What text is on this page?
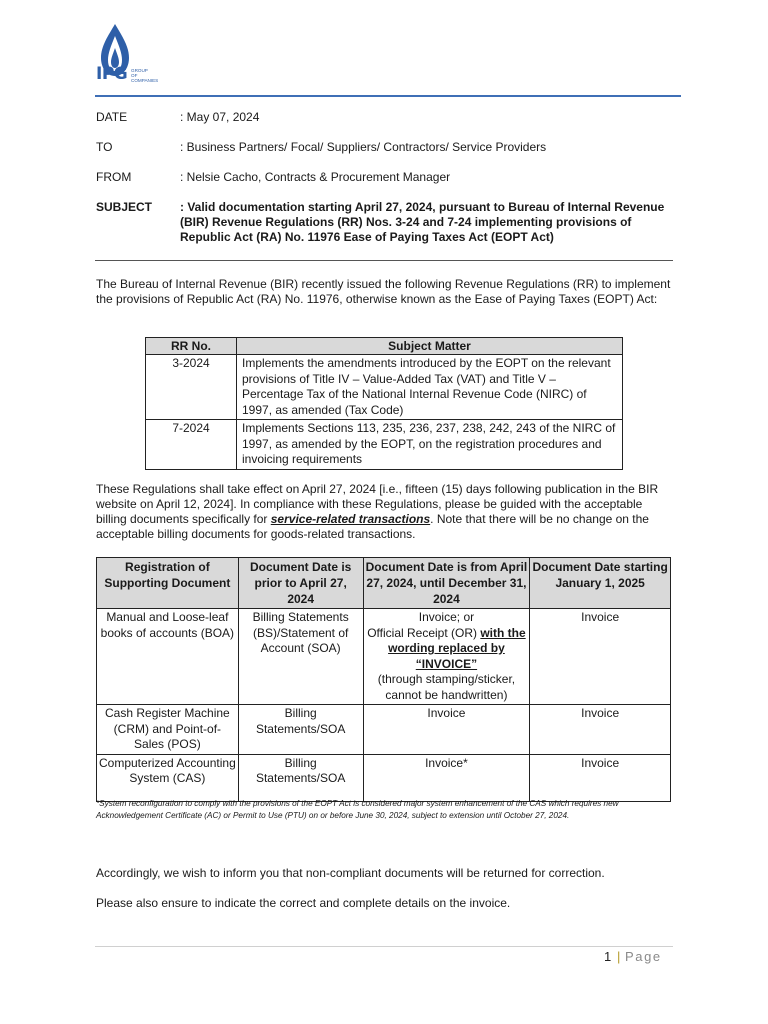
IPG GROUP
OF
COMPANIES
DATE	: May 07, 2024
TO	: Business Partners/ Focal/ Suppliers/ Contractors/ Service Providers
FROM	: Nelsie Cacho, Contracts & Procurement Manager
SUBJECT : Valid documentation starting April 27, 2024, pursuant to Bureau of Internal Revenue (BIR) Revenue Regulations (RR) Nos. 3-24 and 7-24 implementing provisions of Republic Act (RA) No. 11976 Ease of Paying Taxes Act (EOPT Act)
The Bureau of Internal Revenue (BIR) recently issued the following Revenue Regulations (RR) to implement the provisions of Republic Act (RA) No. 11976, otherwise known as the Ease of Paying Taxes (EOPT) Act:
RR No.	Subject Matter
3-2024	Implements the amendments introduced by the EOPT on the relevant provisions of Title IV – Value-Added Tax (VAT) and Title V – Percentage Tax of the National Internal Revenue Code (NIRC) of 1997, as amended (Tax Code)
7-2024	Implements Sections 113, 235, 236, 237, 238, 242, 243 of the NIRC of 1997, as amended by the EOPT, on the registration procedures and invoicing requirements
These Regulations shall take effect on April 27, 2024 [i.e., fifteen (15) days following publication in the BIR website on April 12, 2024]. In compliance with these Regulations, please be guided with the acceptable billing documents specifically for service-related transactions. Note that there will be no change on the acceptable billing documents for goods-related transactions.
Registration of Supporting Document	Document Date is prior to April 27, 2024	Document Date is from April 27, 2024, until December 31, 2024	Document Date starting January 1, 2025
Manual and Loose-leaf books of accounts (BOA)	Billing Statements (BS)/Statement of Account (SOA)	Invoice; or
Official Receipt (OR) with the wording replaced by “INVOICE”
(through stamping/sticker, cannot be handwritten)	Invoice
Cash Register Machine (CRM) and Point-of-Sales (POS)	Billing Statements/SOA	Invoice	Invoice
Computerized Accounting System (CAS)	Billing Statements/SOA	Invoice*	Invoice
*System reconfiguration to comply with the provisions of the EOPT Act is considered major system enhancement of the CAS which requires new Acknowledgement Certificate (AC) or Permit to Use (PTU) on or before June 30, 2024, subject to extension until October 27, 2024.
Accordingly, we wish to inform you that non-compliant documents will be returned for correction.
Please also ensure to indicate the correct and complete details on the invoice.
1 | Page
